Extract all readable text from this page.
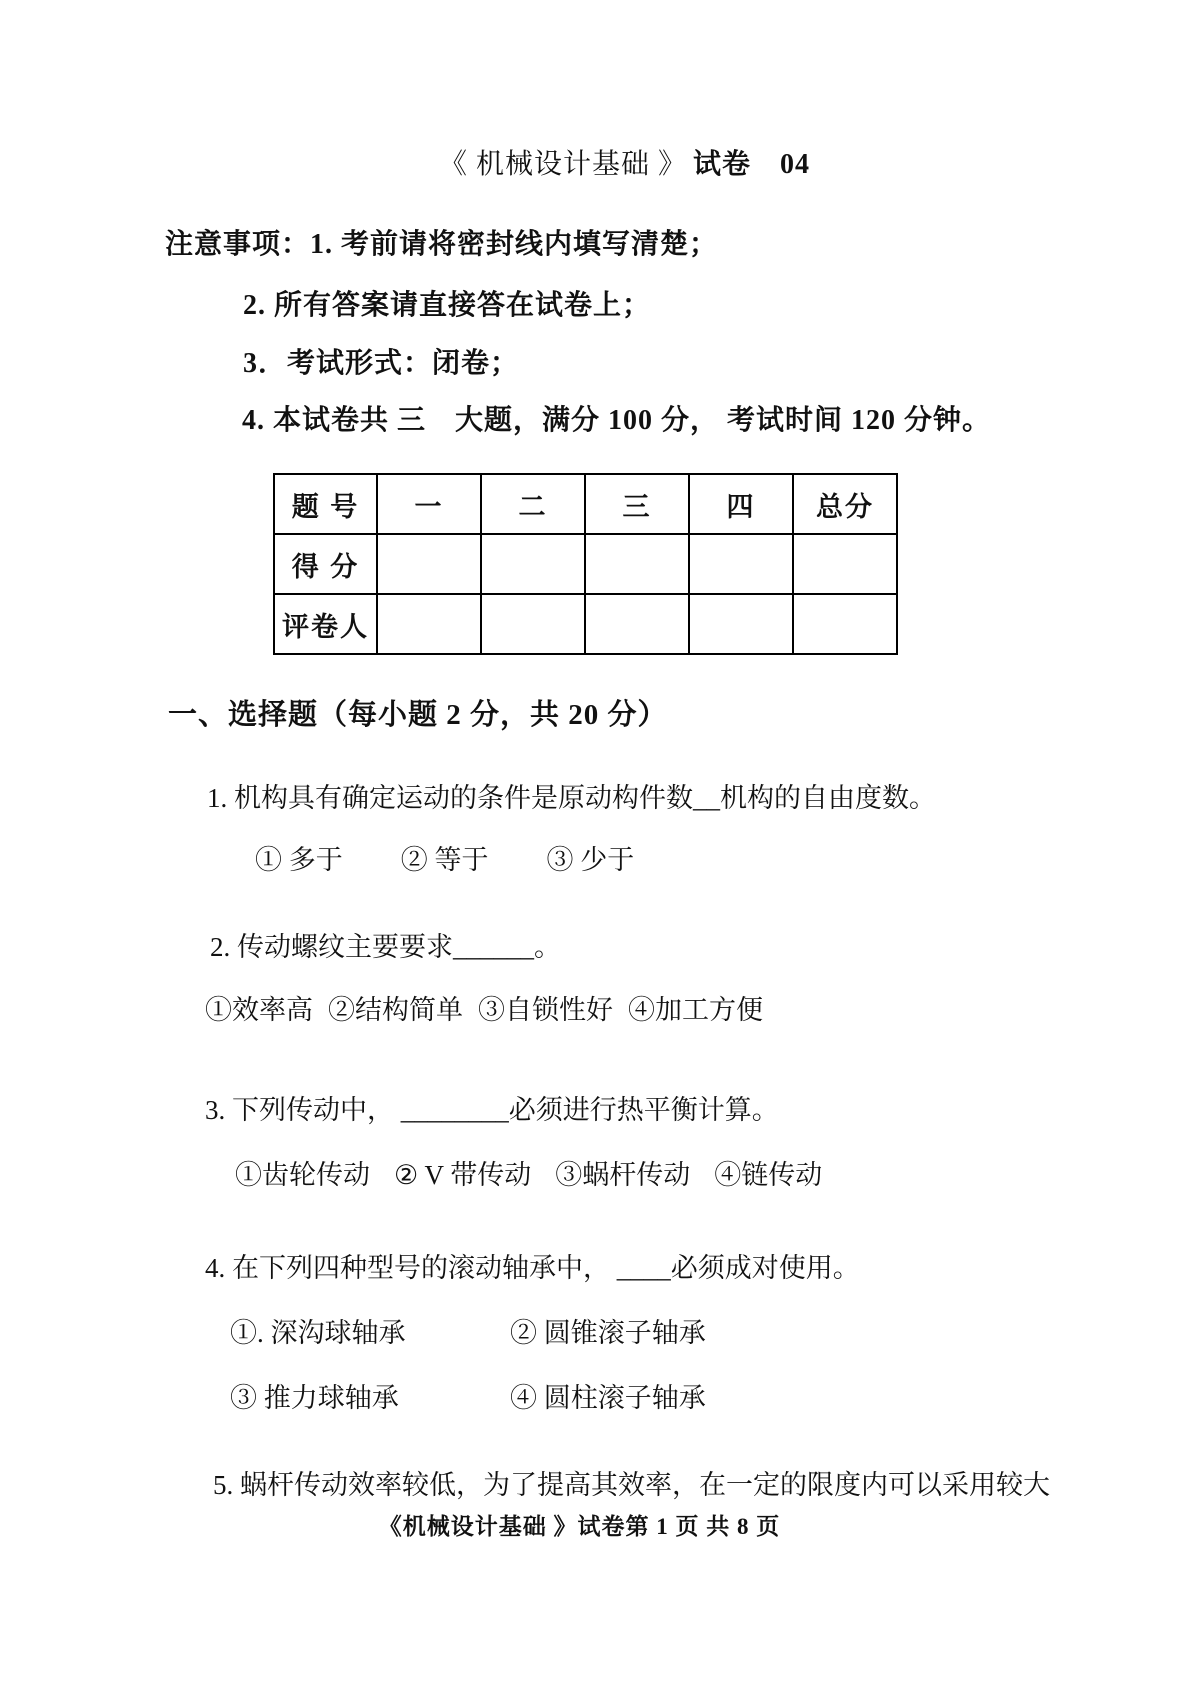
《 机械设计基础 》 试卷　04
注意事项：1. 考前请将密封线内填写清楚；
2. 所有答案请直接答在试卷上；
3．考试形式：闭卷；
4. 本试卷共 三　大题，满分 100 分， 考试时间 120 分钟。
题 号	一	二	三	四	总分
得 分					
评卷人					
一、选择题（每小题 2 分，共 20 分）
1. 机构具有确定运动的条件是原动构件数__机构的自由度数。
① 多于 ② 等于 ③ 少于
2. 传动螺纹主要要求______。
①效率高 ②结构简单 ③自锁性好 ④加工方便
3. 下列传动中， ________必须进行热平衡计算。
①齿轮传动 ② V 带传动 ③蜗杆传动 ④链传动
4. 在下列四种型号的滚动轴承中， ____必须成对使用。
①. 深沟球轴承	② 圆锥滚子轴承
③ 推力球轴承	④ 圆柱滚子轴承
5. 蜗杆传动效率较低，为了提高其效率，在一定的限度内可以采用较大
《机械设计基础 》试卷第 1 页 共 8 页
